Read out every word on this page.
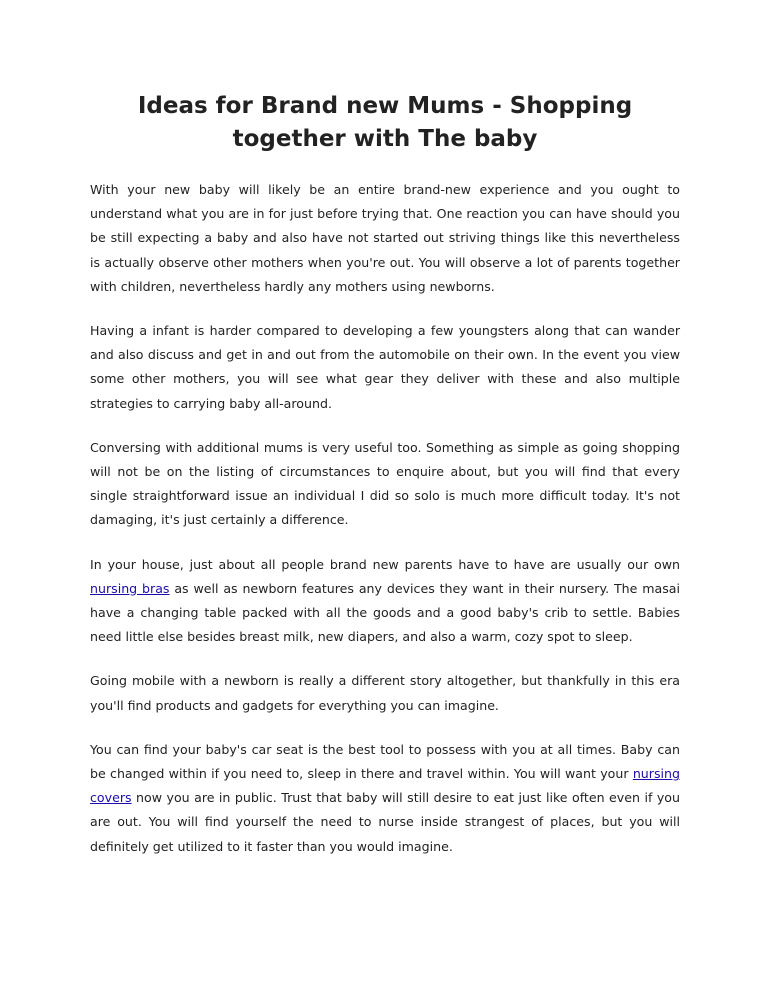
Ideas for Brand new Mums - Shopping together with The baby

With your new baby will likely be an entire brand-new experience and you ought to understand what you are in for just before trying that. One reaction you can have should you be still expecting a baby and also have not started out striving things like this nevertheless is actually observe other mothers when you're out. You will observe a lot of parents together with children, nevertheless hardly any mothers using newborns.

Having a infant is harder compared to developing a few youngsters along that can wander and also discuss and get in and out from the automobile on their own. In the event you view some other mothers, you will see what gear they deliver with these and also multiple strategies to carrying baby all-around.

Conversing with additional mums is very useful too. Something as simple as going shopping will not be on the listing of circumstances to enquire about, but you will find that every single straightforward issue an individual I did so solo is much more difficult today. It's not damaging, it's just certainly a difference.

In your house, just about all people brand new parents have to have are usually our own nursing bras as well as newborn features any devices they want in their nursery. The masai have a changing table packed with all the goods and a good baby's crib to settle. Babies need little else besides breast milk, new diapers, and also a warm, cozy spot to sleep.

Going mobile with a newborn is really a different story altogether, but thankfully in this era you'll find products and gadgets for everything you can imagine.

You can find your baby's car seat is the best tool to possess with you at all times. Baby can be changed within if you need to, sleep in there and travel within. You will want your nursing covers now you are in public. Trust that baby will still desire to eat just like often even if you are out. You will find yourself the need to nurse inside strangest of places, but you will definitely get utilized to it faster than you would imagine.
